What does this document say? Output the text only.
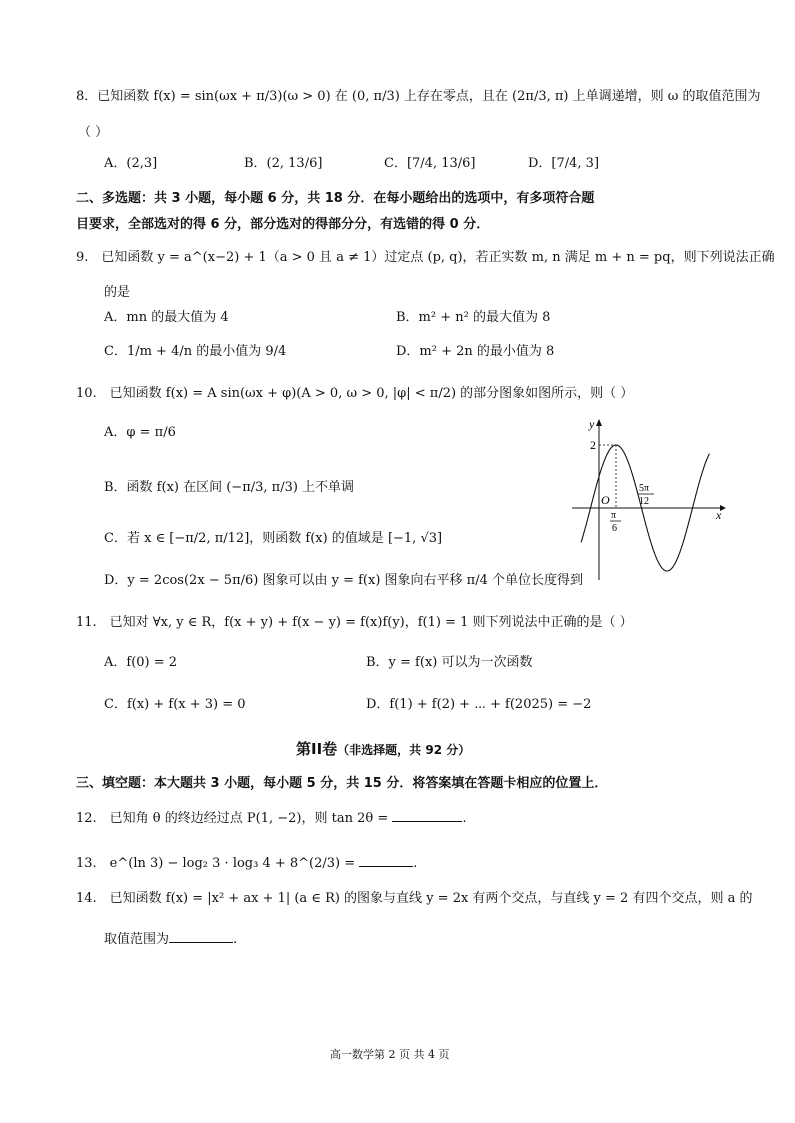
8．已知函数 f(x) = sin(ωx + π/3)(ω > 0) 在 (0, π/3) 上存在零点，且在 (2π/3, π) 上单调递增，则 ω 的取值范围为
（ ）
A．(2,3]	B．(2, 13/6]	C．[7/4, 13/6]	D．[7/4, 3]
二、多选题：共 3 小题，每小题 6 分，共 18 分．在每小题给出的选项中，有多项符合题
目要求，全部选对的得 6 分，部分选对的得部分分，有选错的得 0 分．
9.　已知函数 y = a^(x−2) + 1（a > 0 且 a ≠ 1）过定点 (p, q)，若正实数 m, n 满足 m + n = pq，则下列说法正确
的是
A．mn 的最大值为 4	B．m² + n² 的最大值为 8
C．1/m + 4/n 的最小值为 9/4	D．m² + 2n 的最小值为 8
10.　已知函数 f(x) = A sin(ωx + φ)(A > 0, ω > 0, |φ| < π/2) 的部分图象如图所示，则（ ）
A．φ = π/6
B．函数 f(x) 在区间 (−π/3, π/3) 上不单调
C．若 x ∈ [−π/2, π/12]，则函数 f(x) 的值域是 [−1, √3]
D．y = 2cos(2x − 5π/6) 图象可以由 y = f(x) 图象向右平移 π/4 个单位长度得到
y
x
O
2
π
6
5π
12
11.　已知对 ∀x, y ∈ R，f(x + y) + f(x − y) = f(x)f(y)，f(1) = 1 则下列说法中正确的是（ ）
A．f(0) = 2	B．y = f(x) 可以为一次函数
C．f(x) + f(x + 3) = 0	D．f(1) + f(2) + ⋯ + f(2025) = −2
第II卷（非选择题，共 92 分）
三、填空题：本大题共 3 小题，每小题 5 分，共 15 分．将答案填在答题卡相应的位置上．
12.　已知角 θ 的终边经过点 P(1, −2)，则 tan 2θ =	.
13.　e^(ln 3) − log₂ 3 · log₃ 4 + 8^(2/3) =	.
14.　已知函数 f(x) = |x² + ax + 1| (a ∈ R) 的图象与直线 y = 2x 有两个交点，与直线 y = 2 有四个交点，则 a 的
取值范围为	.
高一数学第 2 页 共 4 页
